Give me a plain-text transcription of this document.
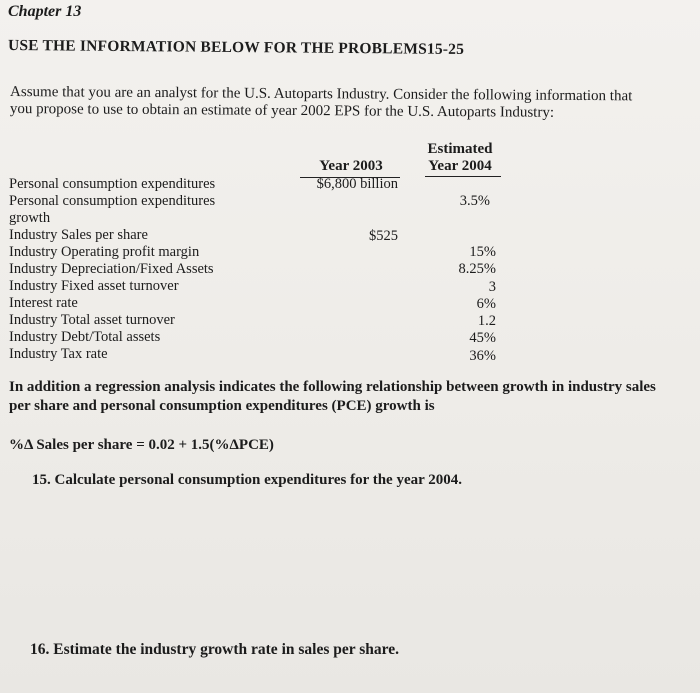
Chapter 13
USE THE INFORMATION BELOW FOR THE PROBLEMS15-25
Assume that you are an analyst for the U.S. Autoparts Industry. Consider the following information that you propose to use to obtain an estimate of year 2002 EPS for the U.S. Autoparts Industry:
Year 2003
Estimated
Year 2004
Personal consumption expenditures
Personal consumption expenditures
growth
Industry Sales per share
Industry Operating profit margin
Industry Depreciation/Fixed Assets
Industry Fixed asset turnover
Interest rate
Industry Total asset turnover
Industry Debt/Total assets
Industry Tax rate
$6,800 billion
$525
3.5%
15%
8.25%
3
6%
1.2
45%
36%
In addition a regression analysis indicates the following relationship between growth in industry sales per share and personal consumption expenditures (PCE) growth is
%Δ Sales per share = 0.02 + 1.5(%ΔPCE)
15. Calculate personal consumption expenditures for the year 2004.
16. Estimate the industry growth rate in sales per share.
